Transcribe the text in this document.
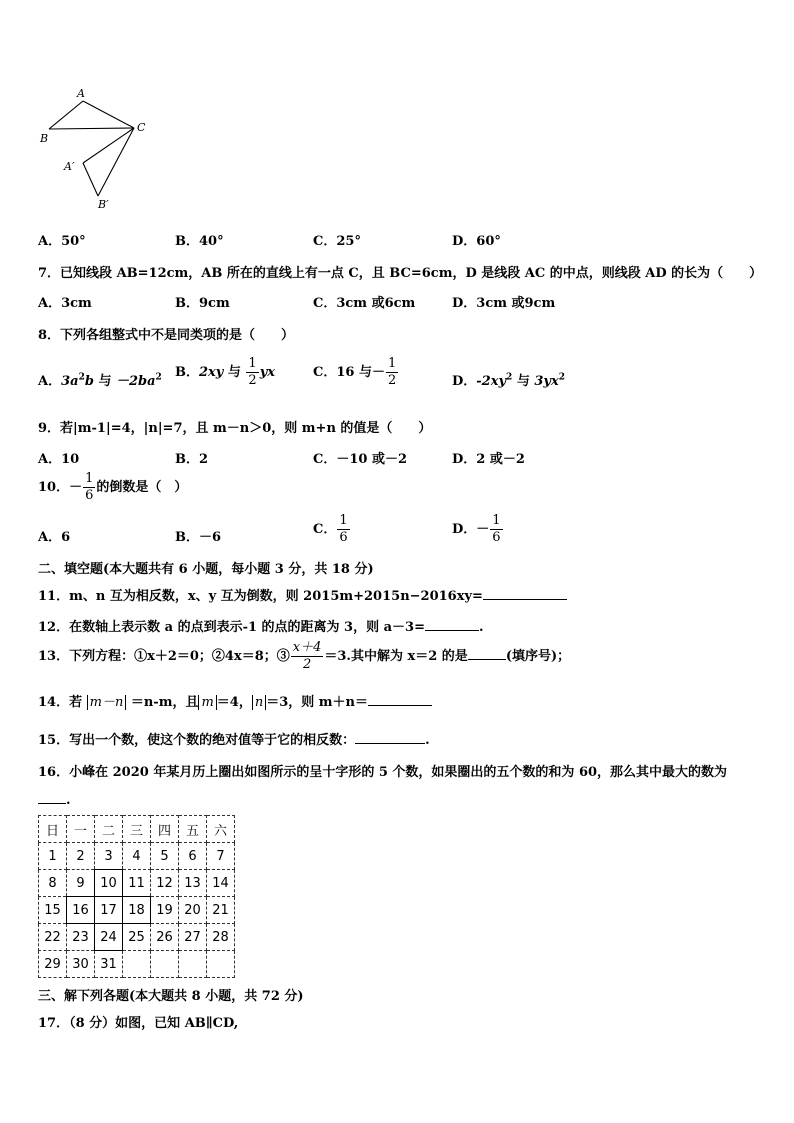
A
B
C
A′
B′
A．50°	B．40°	C．25°	D．60°
7．已知线段 AB=12cm，AB 所在的直线上有一点 C，且 BC=6cm，D 是线段 AC 的中点，则线段 AD 的长为（　　）
A．3cm	B．9cm	C．3cm 或6cm	D．3cm 或9cm
8．下列各组整式中不是同类项的是（　　）
A．$3a^2b$ 与 $-2ba^2$ B．2xy 与 $\frac{1}{2}$ yx	C．16 与－ $\frac{1}{2}$	D．$-2xy^2$ 与 $3yx^2$
9．若|m-1|=4，|n|=7，且 m－n＞0，则 m+n 的值是（　　）
A．10	B．2	C．－10 或－2	D．2 或－2
10．－ $\frac{1}{6}$ 的倒数是（　）
A．6	B．－6
C． $\frac{1}{6}$	D．－ $\frac{1}{6}$
二、填空题(本大题共有 6 小题，每小题 3 分，共 18 分)
11．m、n 互为相反数，x、y 互为倒数，则 2015m+2015n−2016xy=
12．在数轴上表示数 a 的点到表示-1 的点的距离为 3，则 a－3=	.
13．下列方程：①x＋2＝0；②4x＝8；③ $\frac{x+4}{2} =3$.其中解为 x＝2 的是	(填序号)；
14．若 m－n ＝n-m，且 m ＝4， n ＝3，则 m＋n＝
15．写出一个数，使这个数的绝对值等于它的相反数：	.
16．小峰在 2020 年某月历上圈出如图所示的呈十字形的 5 个数，如果圈出的五个数的和为 60，那么其中最大的数为
.
日	一	二	三	四	五	六
1	2	3	4	5	6	7
8	9	10	11	12	13	14
15	16	17	18	19	20	21
22	23	24	25	26	27	28
29	30	31				
三、解下列各题(本大题共 8 小题，共 72 分)
17．（8 分）如图，已知 AB∥CD,
